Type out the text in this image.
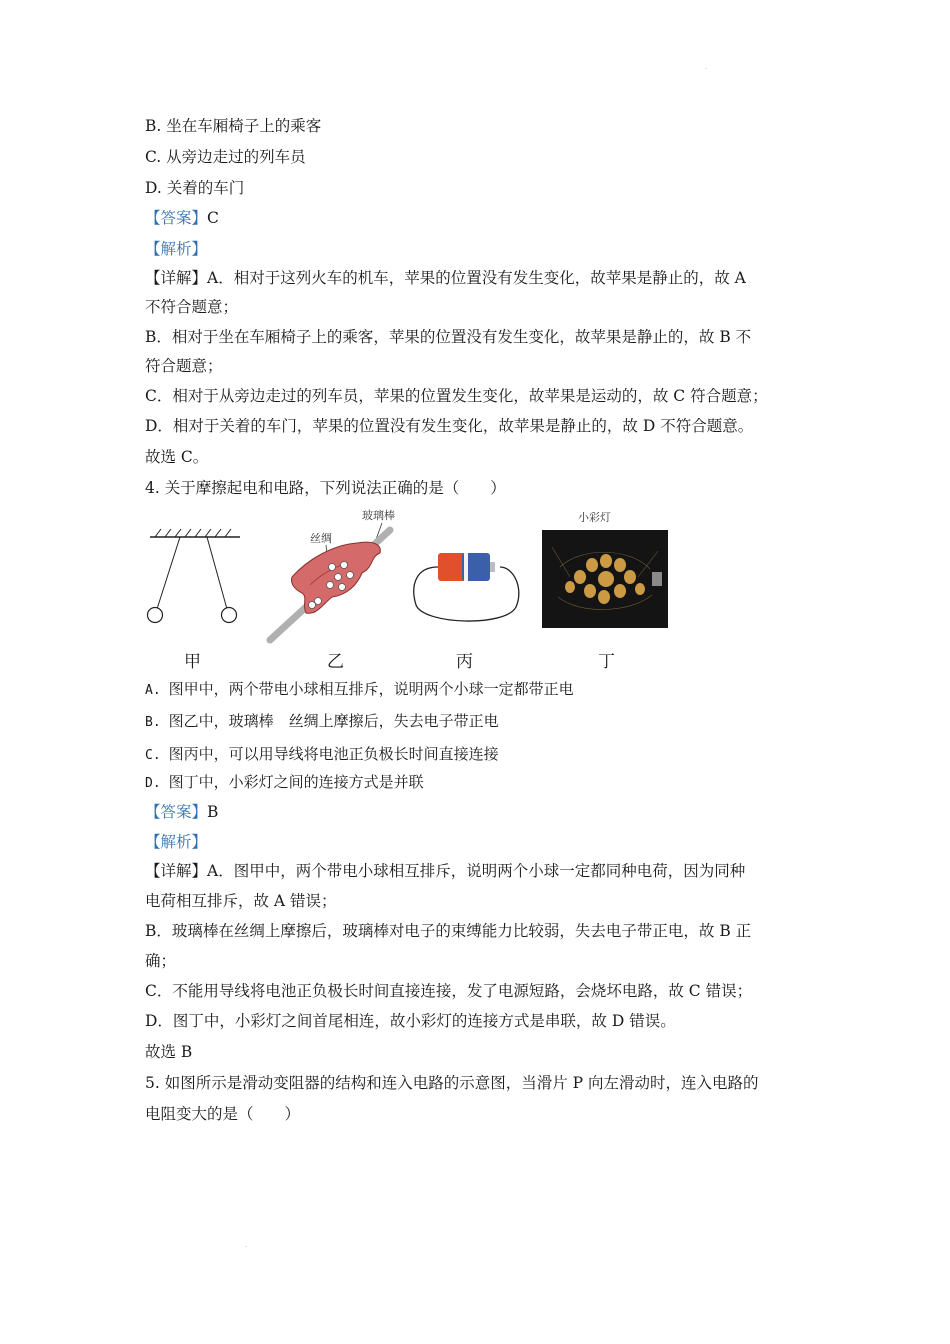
·
B. 坐在车厢椅子上的乘客
C. 从旁边走过的列车员
D. 关着的车门
【答案】C
【解析】
【详解】A．相对于这列火车的机车，苹果的位置没有发生变化，故苹果是静止的，故 A
不符合题意；
B．相对于坐在车厢椅子上的乘客，苹果的位置没有发生变化，故苹果是静止的，故 B 不
符合题意；
C．相对于从旁边走过的列车员，苹果的位置发生变化，故苹果是运动的，故 C 符合题意；
D．相对于关着的车门，苹果的位置没有发生变化，故苹果是静止的，故 D 不符合题意。
故选 C。
4. 关于摩擦起电和电路，下列说法正确的是（　　）
玻璃棒
丝绸
小彩灯
甲	乙	丙	丁
A. 图甲中，两个带电小球相互排斥，说明两个小球一定都带正电
B. 图乙中，玻璃棒　丝绸上摩擦后，失去电子带正电
C. 图丙中，可以用导线将电池正负极长时间直接连接
D. 图丁中，小彩灯之间的连接方式是并联
【答案】B
【解析】
【详解】A．图甲中，两个带电小球相互排斥，说明两个小球一定都同种电荷，因为同种
电荷相互排斥，故 A 错误；
B．玻璃棒在丝绸上摩擦后，玻璃棒对电子的束缚能力比较弱，失去电子带正电，故 B 正
确；
C．不能用导线将电池正负极长时间直接连接，发了电源短路，会烧坏电路，故 C 错误；
D．图丁中，小彩灯之间首尾相连，故小彩灯的连接方式是串联，故 D 错误。
故选 B
5. 如图所示是滑动变阻器的结构和连入电路的示意图，当滑片 P 向左滑动时，连入电路的
电阻变大的是（　　）
·
